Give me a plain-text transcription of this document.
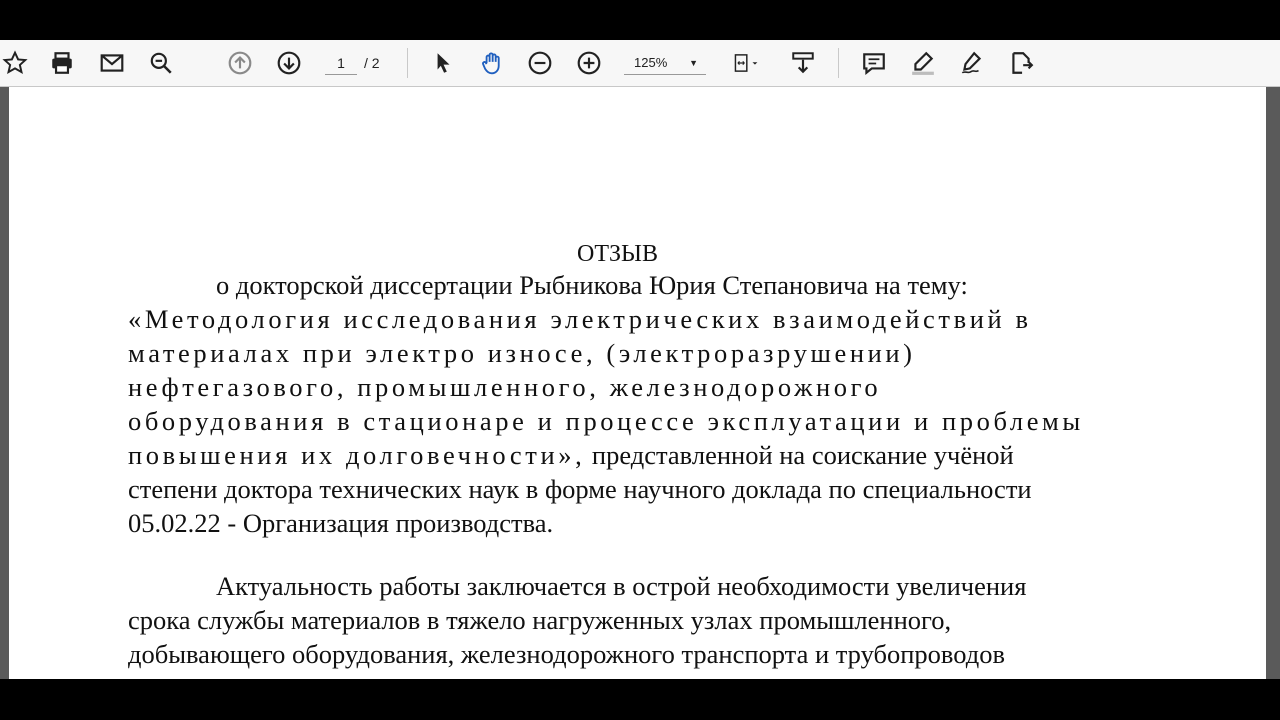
1	/ 2	125% ▼
ОТЗЫВ
о докторской диссертации Рыбникова Юрия Степановича на тему:
«Методология исследования электрических взаимодействий в
материалах при электро износе, (электроразрушении)
нефтегазового, промышленного, железнодорожного
оборудования в стационаре и процессе эксплуатации и проблемы
повышения их долговечности», представленной на соискание учёной
степени доктора технических наук в форме научного доклада по специальности
05.02.22 - Организация производства.
Актуальность работы заключается в острой необходимости увеличения
срока службы материалов в тяжело нагруженных узлах промышленного,
добывающего оборудования, железнодорожного транспорта и трубопроводов
